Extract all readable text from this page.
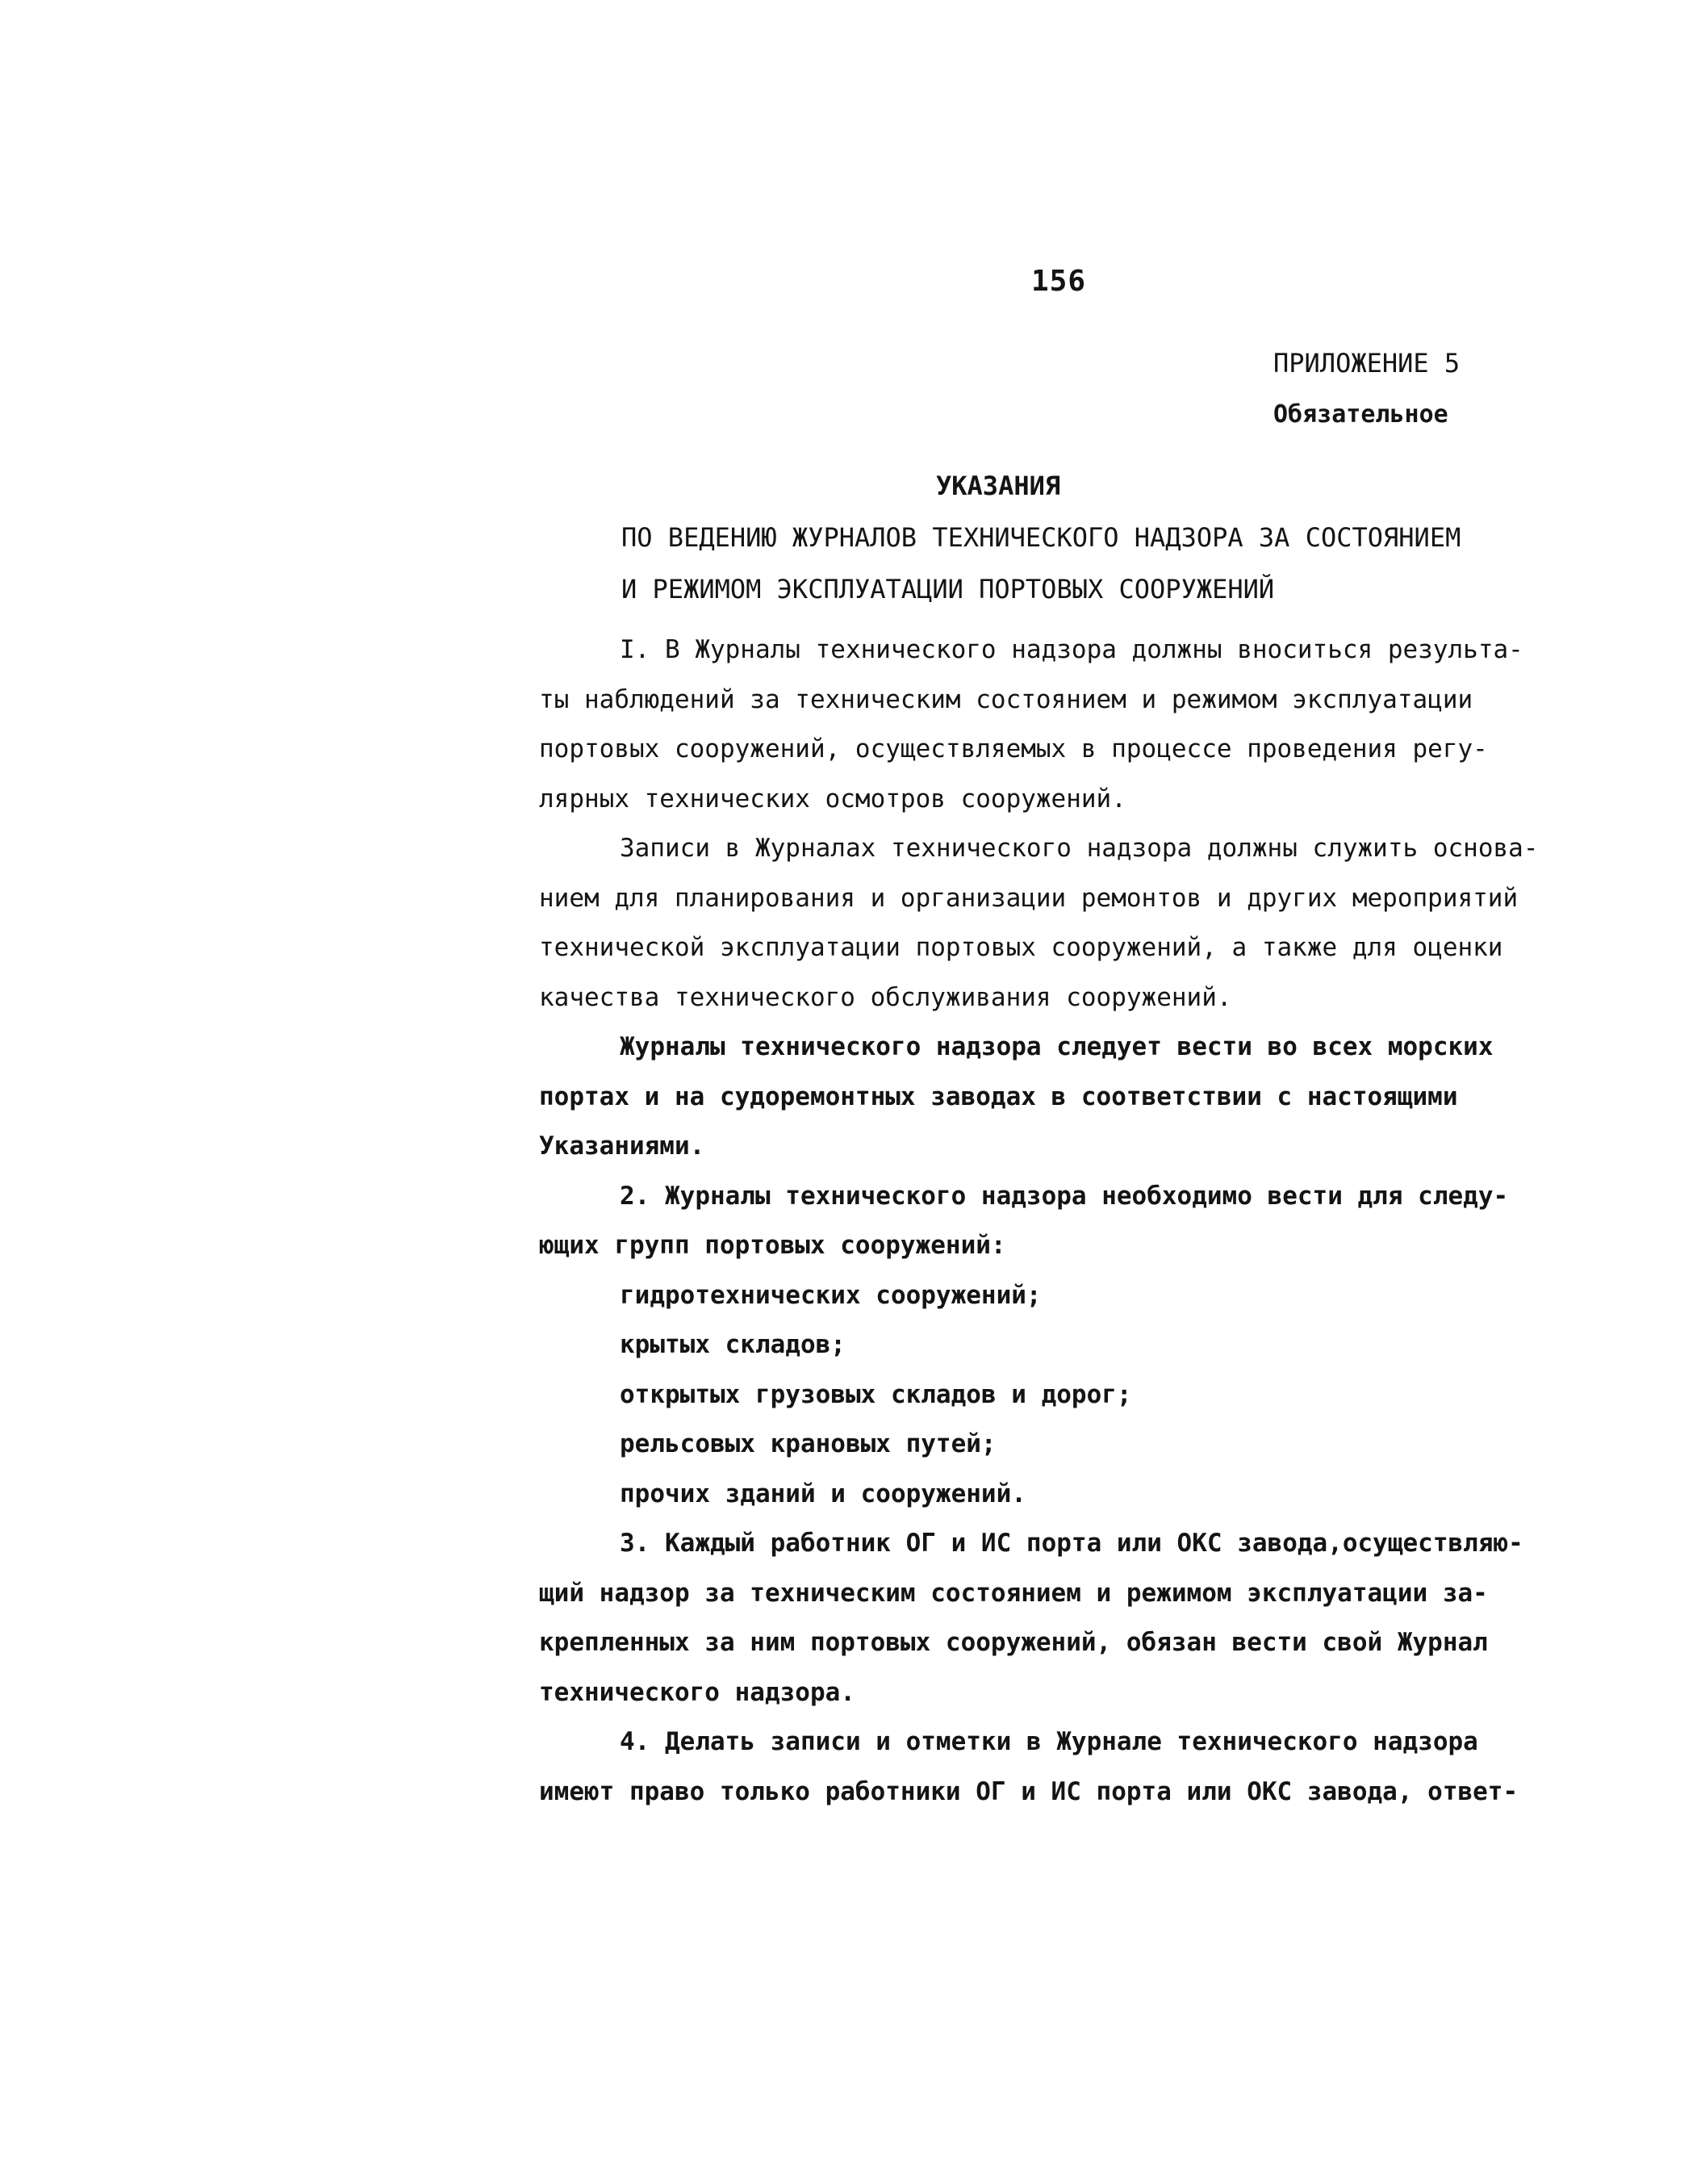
156
ПРИЛОЖЕНИЕ 5
Обязательное
УКАЗАНИЯ
ПО ВЕДЕНИЮ ЖУРНАЛОВ ТЕХНИЧЕСКОГО НАДЗОРА ЗА СОСТОЯНИЕМ
И РЕЖИМОМ ЭКСПЛУАТАЦИИ ПОРТОВЫХ СООРУЖЕНИЙ
I. В Журналы технического надзора должны вноситься результа-
ты наблюдений за техническим состоянием и режимом эксплуатации
портовых сооружений, осуществляемых в процессе проведения регу-
лярных технических осмотров сооружений.
Записи в Журналах технического надзора должны служить основа-
нием для планирования и организации ремонтов и других мероприятий
технической эксплуатации портовых сооружений, а также для оценки
качества технического обслуживания сооружений.
Журналы технического надзора следует вести во всех морских
портах и на судоремонтных заводах в соответствии с настоящими
Указаниями.
2. Журналы технического надзора необходимо вести для следу-
ющих групп портовых сооружений:
гидротехнических сооружений;
крытых складов;
открытых грузовых складов и дорог;
рельсовых крановых путей;
прочих зданий и сооружений.
3. Каждый работник ОГ и ИС порта или ОКС завода,осуществляю-
щий надзор за техническим состоянием и режимом эксплуатации за-
крепленных за ним портовых сооружений, обязан вести свой Журнал
технического надзора.
4. Делать записи и отметки в Журнале технического надзора
имеют право только работники ОГ и ИС порта или ОКС завода, ответ-
